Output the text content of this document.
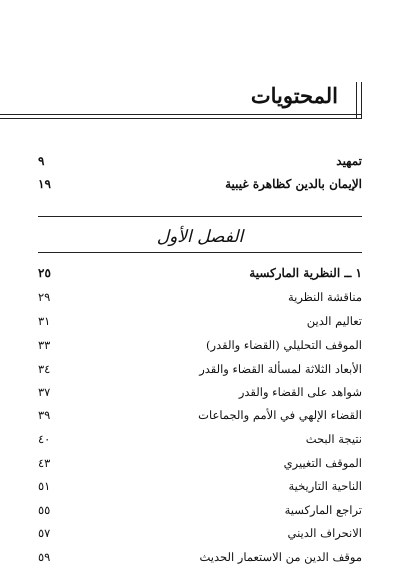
المحتويات
تمهيد
٩
الإيمان بالدين كظاهرة غيبية
١٩
الفصل الأول
١ ــ النظرية الماركسية
٢٥
مناقشة النظرية
٢٩
تعاليم الدين
٣١
الموقف التحليلي (القضاء والقدر)
٣٣
الأبعاد الثلاثة لمسألة القضاء والقدر
٣٤
شواهد على القضاء والقدر
٣٧
القضاء الإلهي في الأمم والجماعات
٣٩
نتيجة البحث
٤٠
الموقف التغييري
٤٣
الناحية التاريخية
٥١
تراجع الماركسية
٥٥
الانحراف الديني
٥٧
موقف الدين من الاستعمار الحديث
٥٩
